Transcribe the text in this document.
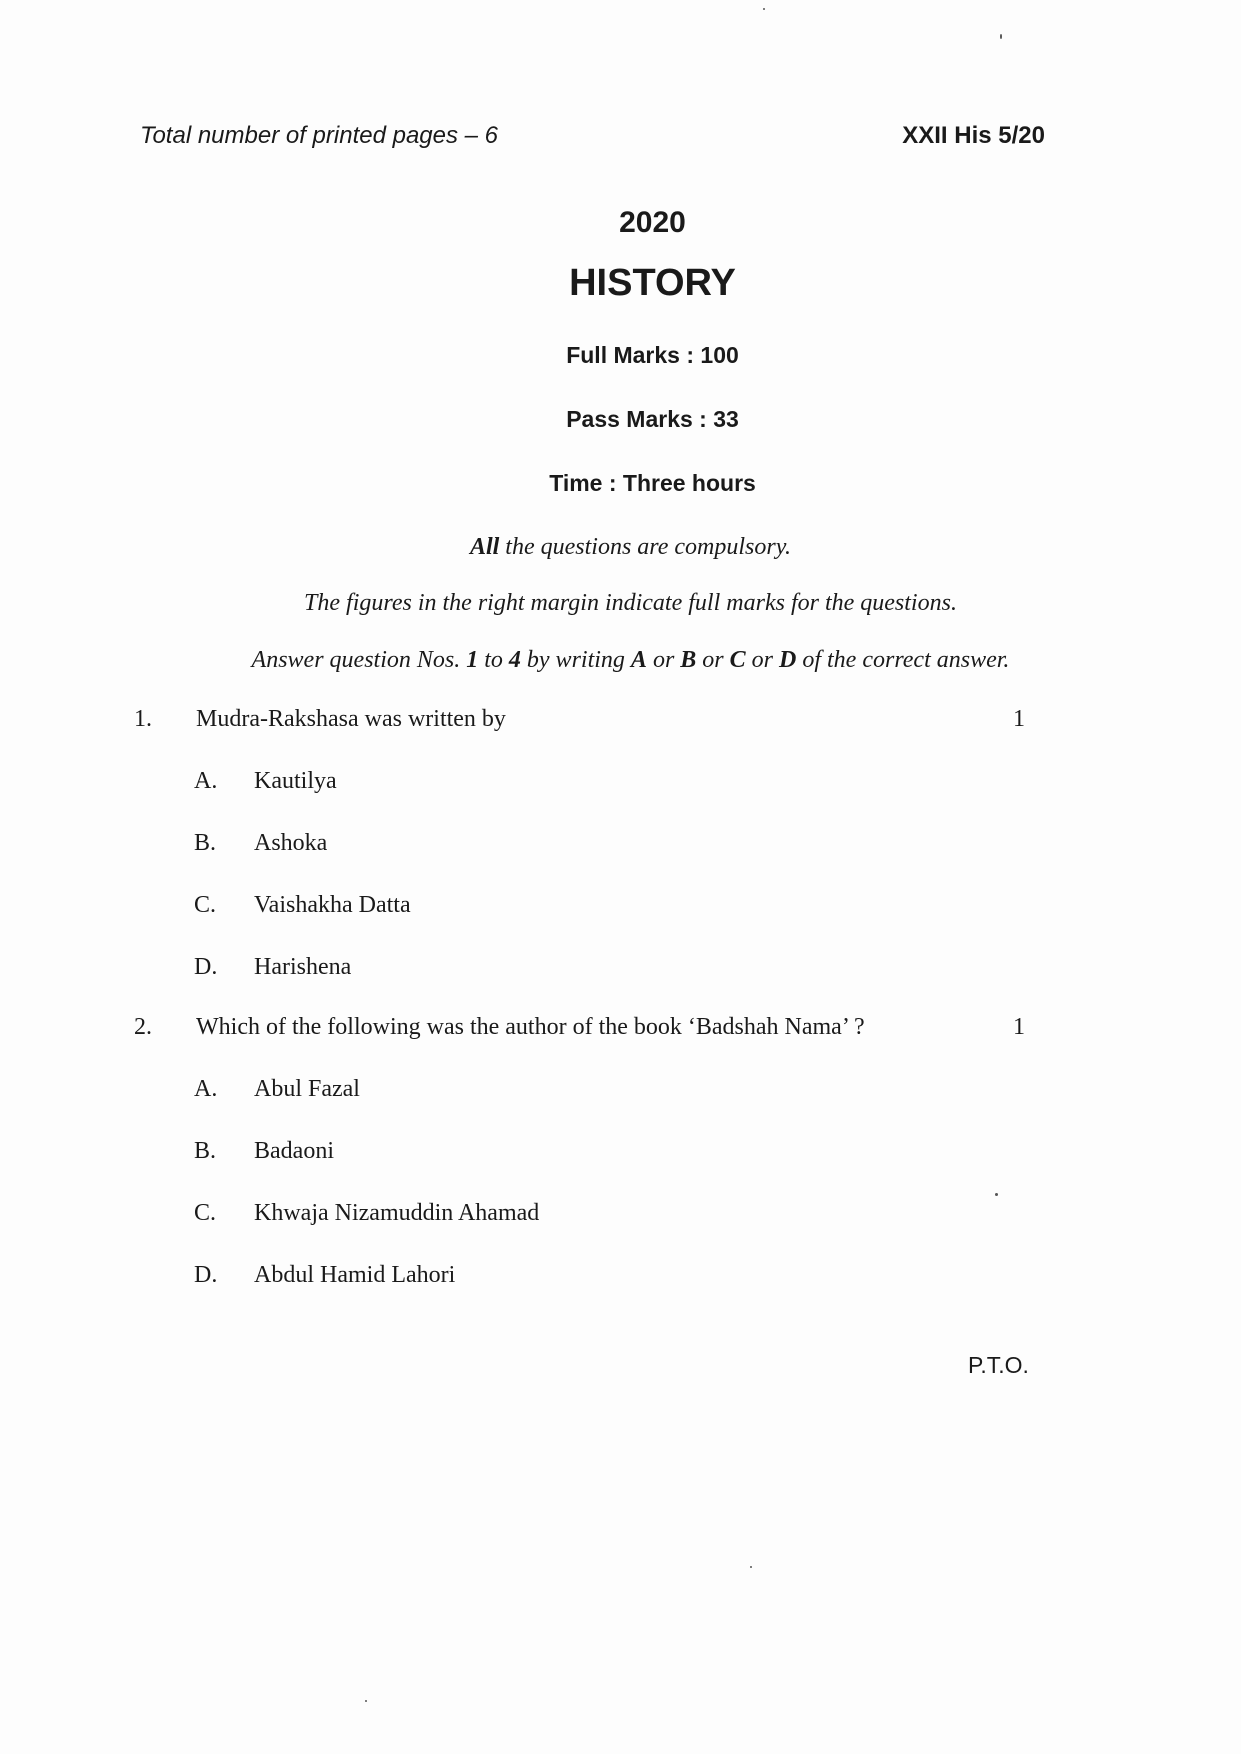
Total number of printed pages – 6	XXII His 5/20
2020
HISTORY
Full Marks : 100
Pass Marks : 33
Time : Three hours
All the questions are compulsory.
The figures in the right margin indicate full marks for the questions.
Answer question Nos. 1 to 4 by writing A or B or C or D of the correct answer.
1. Mudra-Rakshasa was written by	1
A. Kautilya
B. Ashoka
C. Vaishakha Datta
D. Harishena
2. Which of the following was the author of the book ‘Badshah Nama’ ?	1
A. Abul Fazal
B. Badaoni
C. Khwaja Nizamuddin Ahamad
D. Abdul Hamid Lahori
P.T.O.
